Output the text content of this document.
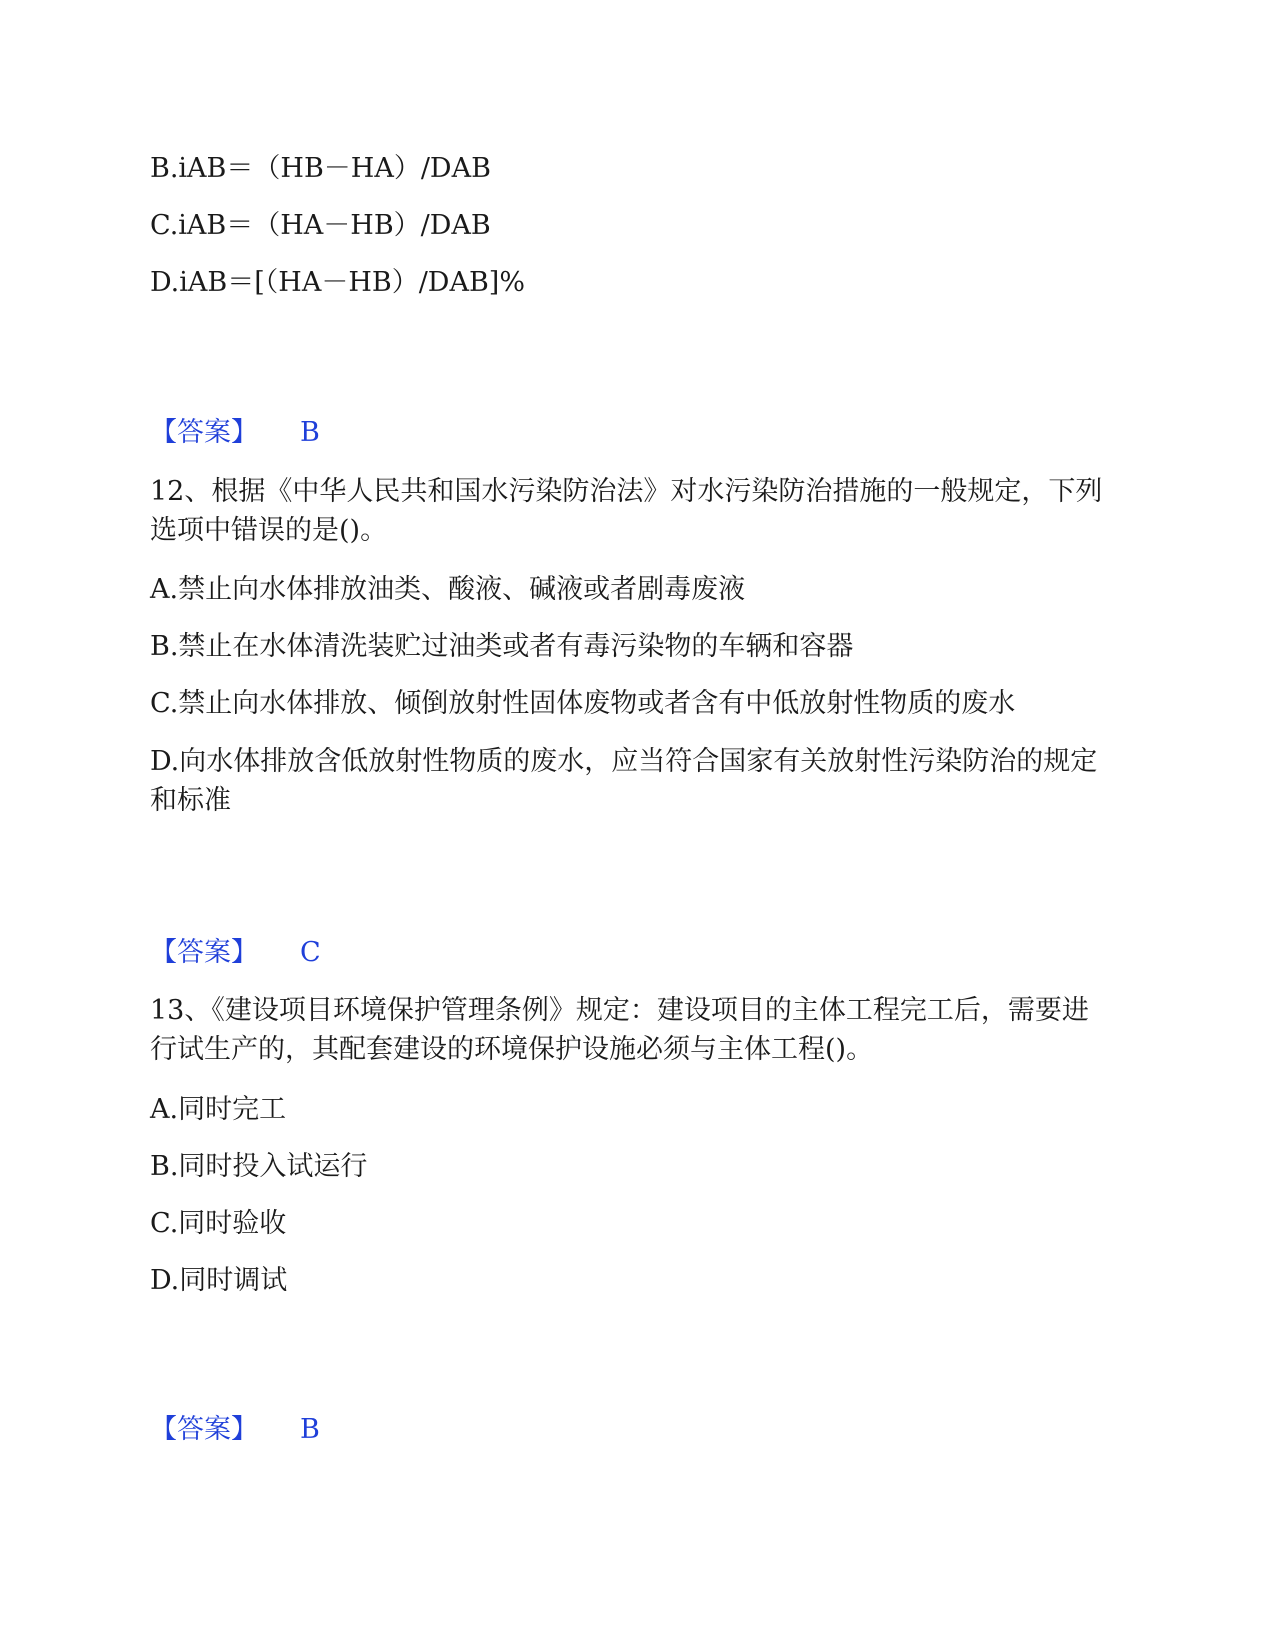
B.iAB＝（HB－HA）/DAB
C.iAB＝（HA－HB）/DAB
D.iAB＝[（HA－HB）/DAB]%
【答案】 B
12、根据《中华人民共和国水污染防治法》对水污染防治措施的一般规定，下列选项中错误的是()。
A.禁止向水体排放油类、酸液、碱液或者剧毒废液
B.禁止在水体清洗装贮过油类或者有毒污染物的车辆和容器
C.禁止向水体排放、倾倒放射性固体废物或者含有中低放射性物质的废水
D.向水体排放含低放射性物质的废水，应当符合国家有关放射性污染防治的规定和标准
【答案】 C
13、《建设项目环境保护管理条例》规定：建设项目的主体工程完工后，需要进行试生产的，其配套建设的环境保护设施必须与主体工程()。
A.同时完工
B.同时投入试运行
C.同时验收
D.同时调试
【答案】 B
